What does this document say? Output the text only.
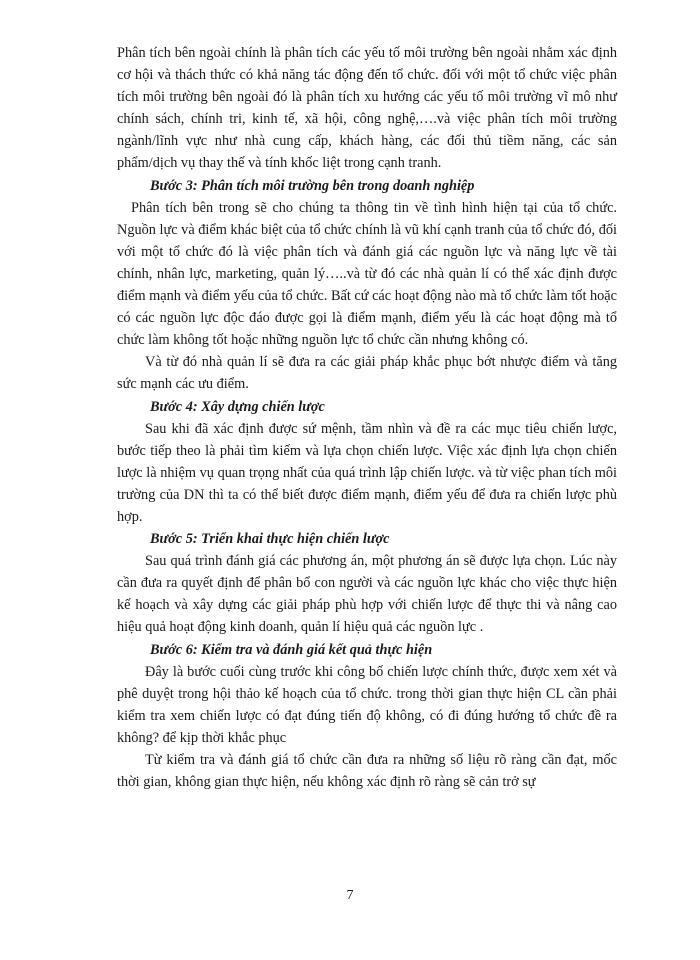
Phân tích bên ngoài chính là phân tích các yếu tố môi trường bên ngoài nhằm xác định cơ hội và thách thức có khả năng tác động đến tổ chức. đối với một tổ chức việc phân tích môi trường bên ngoài đó là phân tích xu hướng các yếu tố môi trường vĩ mô như chính sách, chính tri, kinh tế, xã hội, công nghệ,….và việc phân tích môi trường ngành/lĩnh vực như nhà cung cấp, khách hàng, các đối thủ tiềm năng, các sản phẩm/dịch vụ thay thế và tính khốc liệt trong cạnh tranh.

Bước 3: Phân tích môi trường bên trong doanh nghiệp

Phân tích bên trong sẽ cho chúng ta thông tin về tình hình hiện tại của tổ chức. Nguồn lực và điểm khác biệt của tổ chức chính là vũ khí cạnh tranh của tổ chức đó, đối với một tổ chức đó là việc phân tích và đánh giá các nguồn lực và năng lực về tài chính, nhân lực, marketing, quản lý…..và từ đó các nhà quản lí có thể xác định được điểm mạnh và điểm yếu của tổ chức. Bất cứ các hoạt động nào mà tổ chức làm tốt hoặc có các nguồn lực độc đáo được gọi là điểm mạnh, điểm yếu là các hoạt động mà tổ chức làm không tốt hoặc những nguồn lực tổ chức cần nhưng không có.

Và từ đó nhà quản lí sẽ đưa ra các giải pháp khắc phục bớt nhược điểm và tăng sức mạnh các ưu điểm.

Bước 4: Xây dựng chiến lược

Sau khi đã xác định được sứ mệnh, tầm nhìn và đề ra các mục tiêu chiến lược, bước tiếp theo là phải tìm kiếm và lựa chọn chiến lược. Việc xác định lựa chọn chiến lược là nhiệm vụ quan trọng nhất của quá trình lập chiến lược. và từ việc phan tích môi trường của DN thì ta có thể biết được điểm mạnh, điểm yếu để đưa ra chiến lược phù hợp.

Bước 5: Triển khai thực hiện chiến lược

Sau quá trình đánh giá các phương án, một phương án sẽ được lựa chọn. Lúc này cần đưa ra quyết định để phân bổ con người và các nguồn lực khác cho việc thực hiện kế hoạch và xây dựng các giải pháp phù hợp với chiến lược để thực thi và nâng cao hiệu quả hoạt động kinh doanh, quản lí hiệu quả các nguồn lực .

Bước 6: Kiểm tra và đánh giá kết quả thực hiện

Đây là bước cuối cùng trước khi công bố chiến lược chính thức, được xem xét và phê duyệt trong hội thảo kế hoạch của tổ chức. trong thời gian thực hiện CL cần phải kiểm tra xem chiến lược có đạt đúng tiến độ không, có đi đúng hướng tổ chức đề ra không? để kịp thời khắc phục

Từ kiểm tra và đánh giá tổ chức cần đưa ra những số liệu rõ ràng cần đạt, mốc thời gian, không gian thực hiện, nếu không xác định rõ ràng sẽ cản trở sự

7
